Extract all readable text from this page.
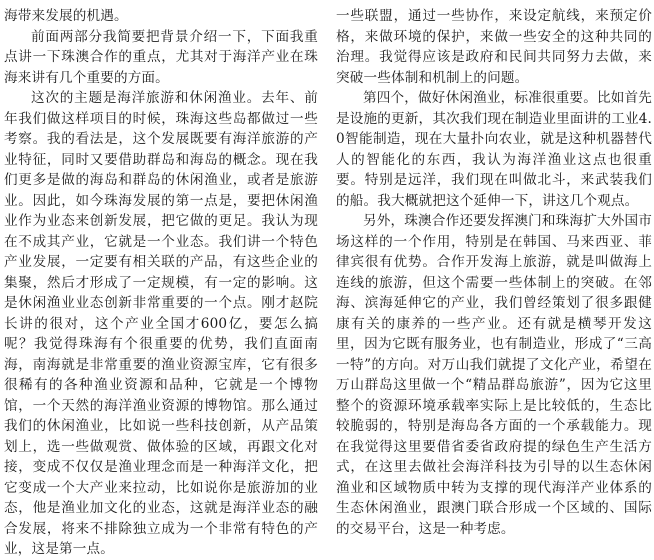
海带来发展的机遇。

前面两部分我简要把背景介绍一下，下面我重点讲一下珠澳合作的重点，尤其对于海洋产业在珠海来讲有几个重要的方面。

这次的主题是海洋旅游和休闲渔业。去年、前年我们做这样项目的时候，珠海这些岛都做过一些考察。我的看法是，这个发展既要有海洋旅游的产业特征，同时又要借助群岛和海岛的概念。现在我们更多是做的海岛和群岛的休闲渔业，或者是旅游业。因此，如今珠海发展的第一点是，要把休闲渔业作为业态来创新发展，把它做的更足。我认为现在不成其产业，它就是一个业态。我们讲一个特色产业发展，一定要有相关联的产品，有这些企业的集聚，然后才形成了一定规模，有一定的影响。这是休闲渔业业态创新非常重要的一个点。刚才赵院长讲的很对，这个产业全国才600亿，要怎么搞呢？我觉得珠海有个很重要的优势，我们直面南海，南海就是非常重要的渔业资源宝库，它有很多很稀有的各种渔业资源和品种，它就是一个博物馆，一个天然的海洋渔业资源的博物馆。那么通过我们的休闲渔业，比如说一些科技创新，从产品策划上，选一些做观赏、做体验的区域，再跟文化对接，变成不仅仅是渔业理念而是一种海洋文化，把它变成一个大产业来拉动，比如说你是旅游加的业态，他是渔业加文化的业态，这就是海洋业态的融合发展，将来不排除独立成为一个非常有特色的产业，这是第一点。

一些联盟，通过一些协作，来设定航线，来预定价格，来做环境的保护，来做一些安全的这种共同的治理。我觉得应该是政府和民间共同努力去做，来突破一些体制和机制上的问题。

第四个，做好休闲渔业，标准很重要。比如首先是设施的更新，其次我们现在制造业里面讲的工业4.0智能制造，现在大量扑向农业，就是这种机器替代人的智能化的东西，我认为海洋渔业这点也很重要。特别是远洋，我们现在叫做北斗，来武装我们的船。我大概就把这个延伸一下，讲这几个观点。

另外，珠澳合作还要发挥澳门和珠海扩大外国市场这样的一个作用，特别是在韩国、马来西亚、菲律宾很有优势。合作开发海上旅游，就是叫做海上连线的旅游，但这个需要一些体制上的突破。在邻海、滨海延伸它的产业，我们曾经策划了很多跟健康有关的康养的一些产业。还有就是横琴开发这里，因为它既有服务业，也有制造业，形成了“三高一特”的方向。对万山我们就提了文化产业，希望在万山群岛这里做一个“精品群岛旅游”，因为它这里整个的资源环境承载率实际上是比较低的，生态比较脆弱的，特别是海岛各方面的一个承载能力。现在我觉得这里要借省委省政府提的绿色生产生活方式，在这里去做社会海洋科技为引导的以生态休闲渔业和区域物质中转为支撑的现代海洋产业体系的生态休闲渔业，跟澳门联合形成一个区域的、国际的交易平台，这是一种考虑。
